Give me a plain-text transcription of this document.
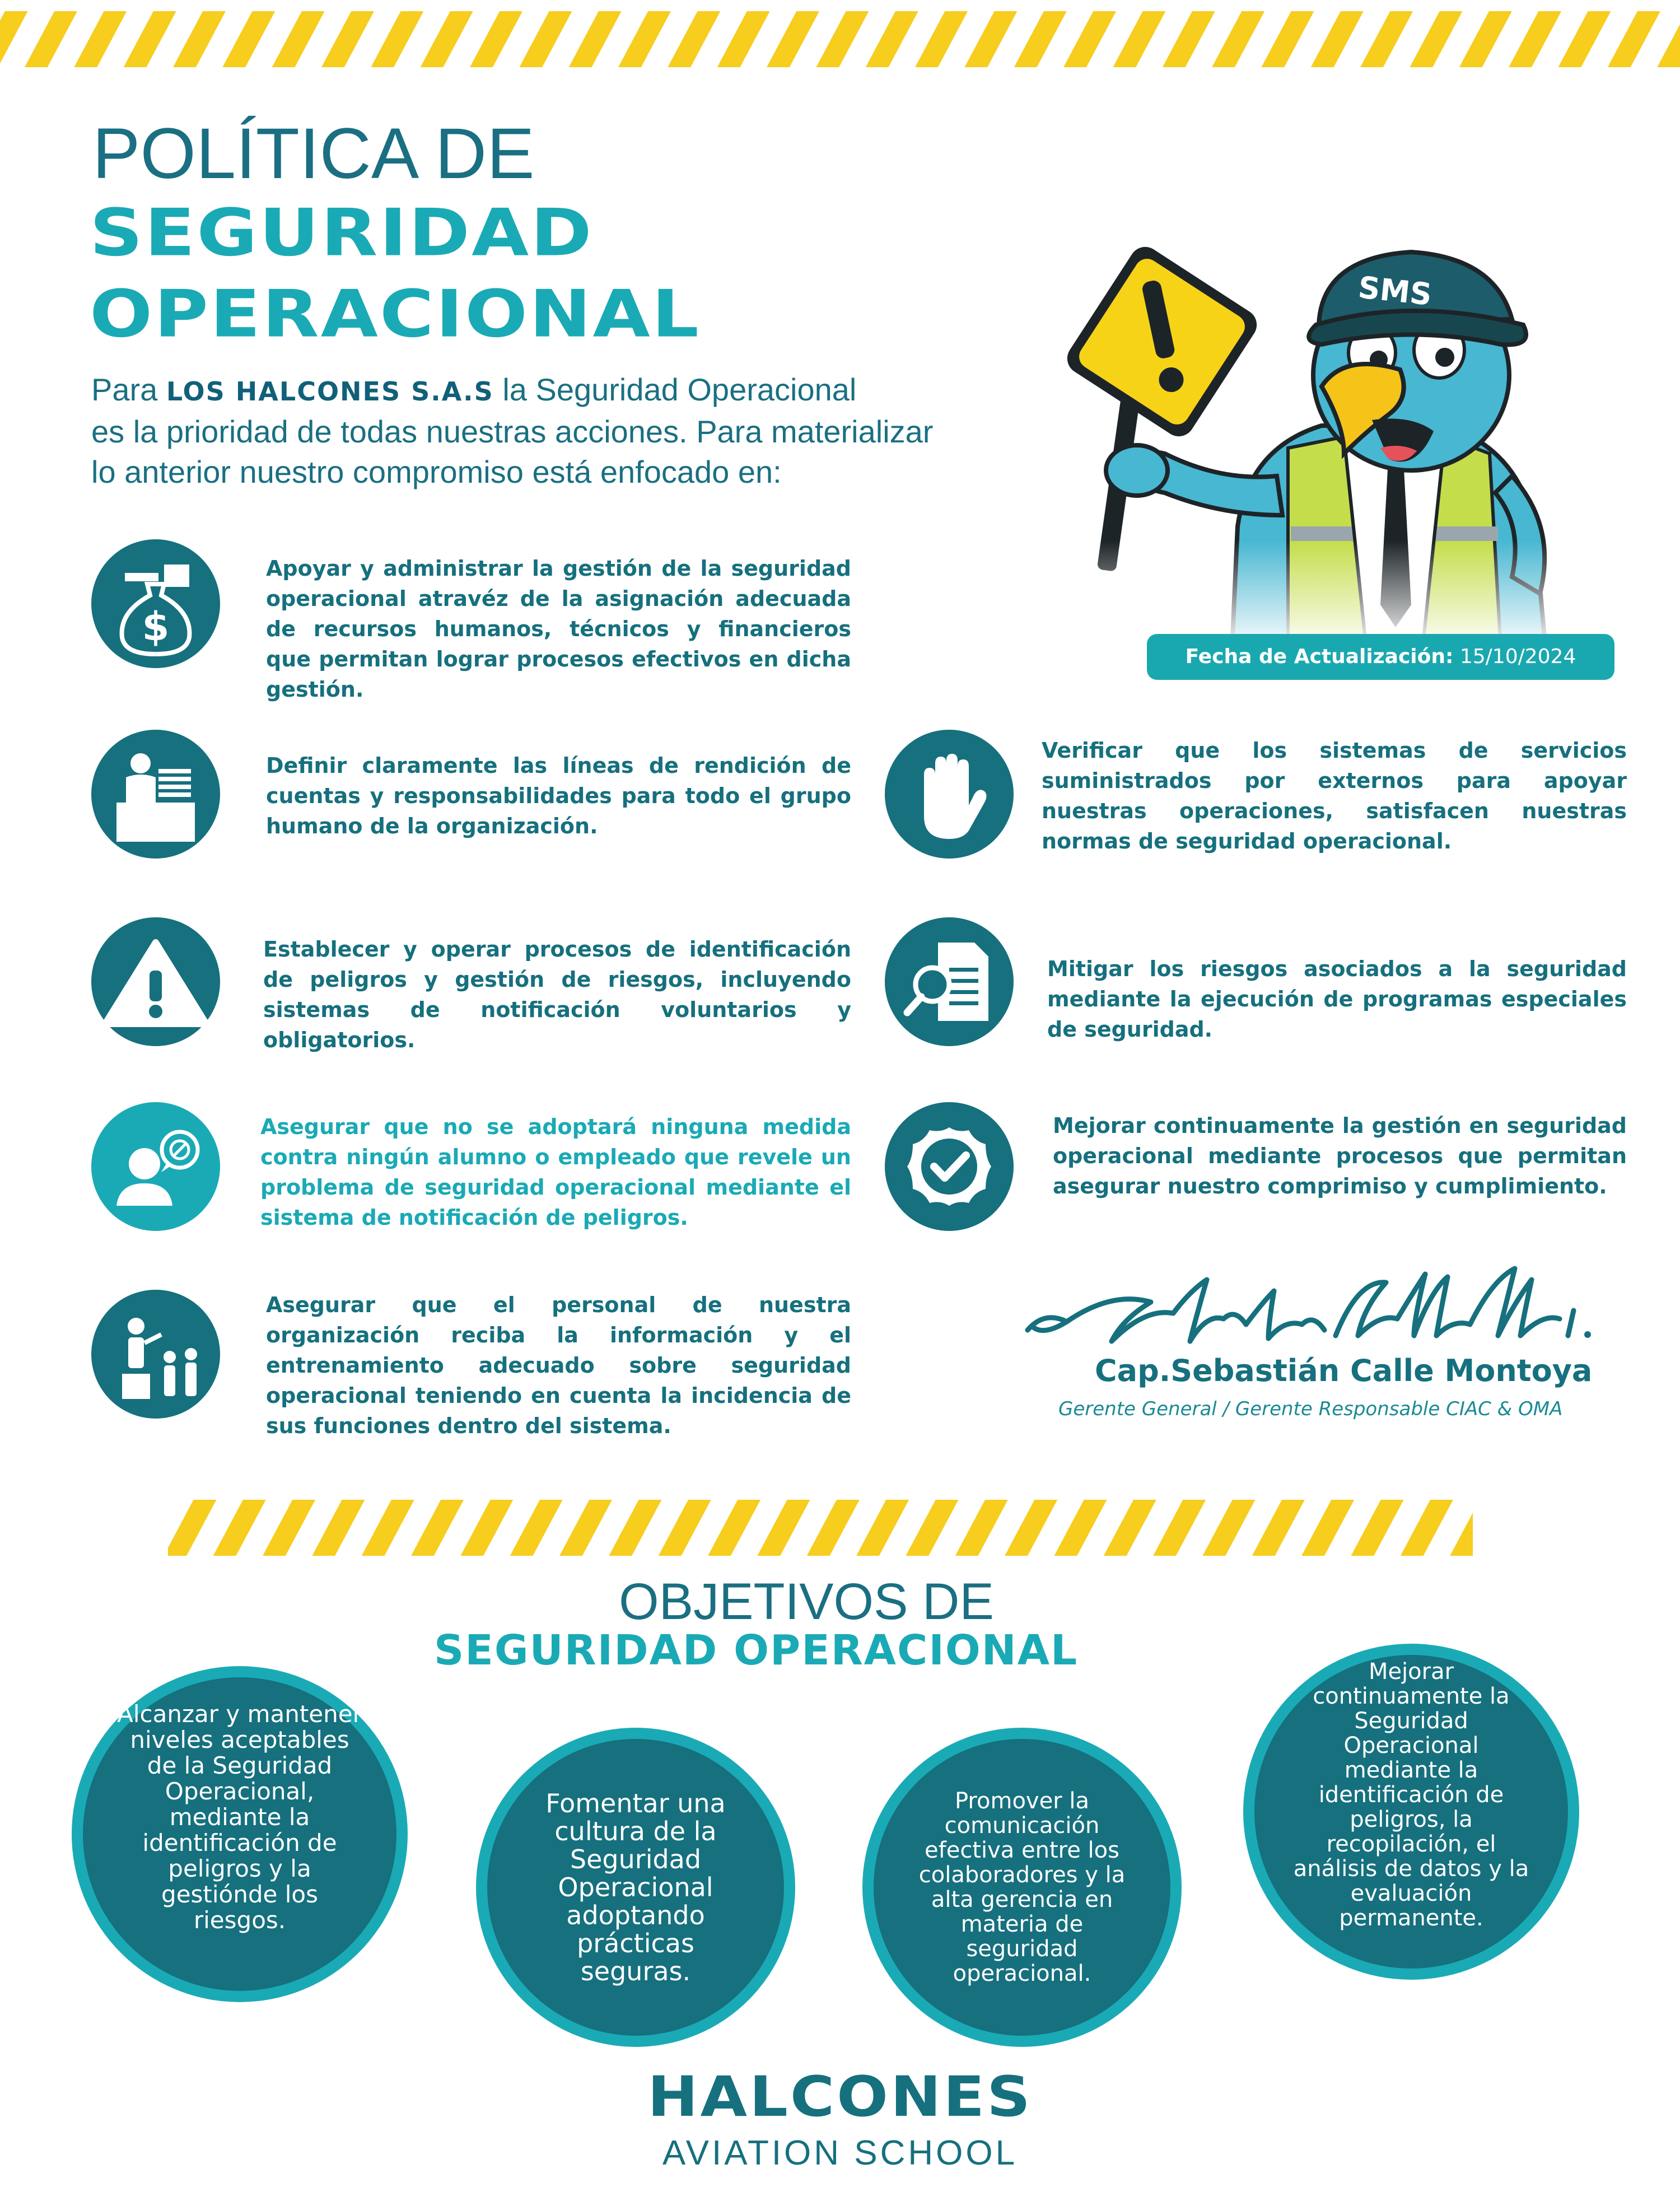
POLÍTICA DE
SEGURIDAD
OPERACIONAL
Para LOS HALCONES S.A.S la Seguridad Operacional
es la prioridad de todas nuestras acciones. Para materializar
lo anterior nuestro compromiso está enfocado en:
Fecha de Actualización: 15/10/2024
$
Apoyar y administrar la gestión de la seguridad operacional atravéz de la asignación adecuada de recursos humanos, técnicos y financieros que permitan lograr procesos efectivos en dicha gestión.
Definir claramente las líneas de rendición de cuentas y responsabilidades para todo el grupo humano de la organización.
Establecer y operar procesos de identificación de peligros y gestión de riesgos, incluyendo sistemas de notificación voluntarios y obligatorios.
Asegurar que no se adoptará ninguna medida contra ningún alumno o empleado que revele un problema de seguridad operacional mediante el sistema de notificación de peligros.
Asegurar que el personal de nuestra organización reciba la información y el entrenamiento adecuado sobre seguridad operacional teniendo en cuenta la incidencia de sus funciones dentro del sistema.
Verificar que los sistemas de servicios suministrados por externos para apoyar nuestras operaciones, satisfacen nuestras normas de seguridad operacional.
Mitigar los riesgos asociados a la seguridad mediante la ejecución de programas especiales de seguridad.
Mejorar continuamente la gestión en seguridad operacional mediante procesos que permitan asegurar nuestro comprimiso y cumplimiento.
Cap.Sebastián Calle Montoya
Gerente General / Gerente Responsable CIAC & OMA
OBJETIVOS DE
SEGURIDAD OPERACIONAL
Alcanzar y mantener niveles aceptables de la Seguridad Operacional, mediante la identificación de peligros y la gestiónde los riesgos.
Fomentar una cultura de la Seguridad Operacional adoptando prácticas seguras.
Promover la comunicación efectiva entre los colaboradores y la alta gerencia en materia de seguridad operacional.
Mejorar continuamente la Seguridad Operacional mediante la identificación de peligros, la recopilación, el análisis de datos y la evaluación permanente.
HALCONES
AVIATION SCHOOL
